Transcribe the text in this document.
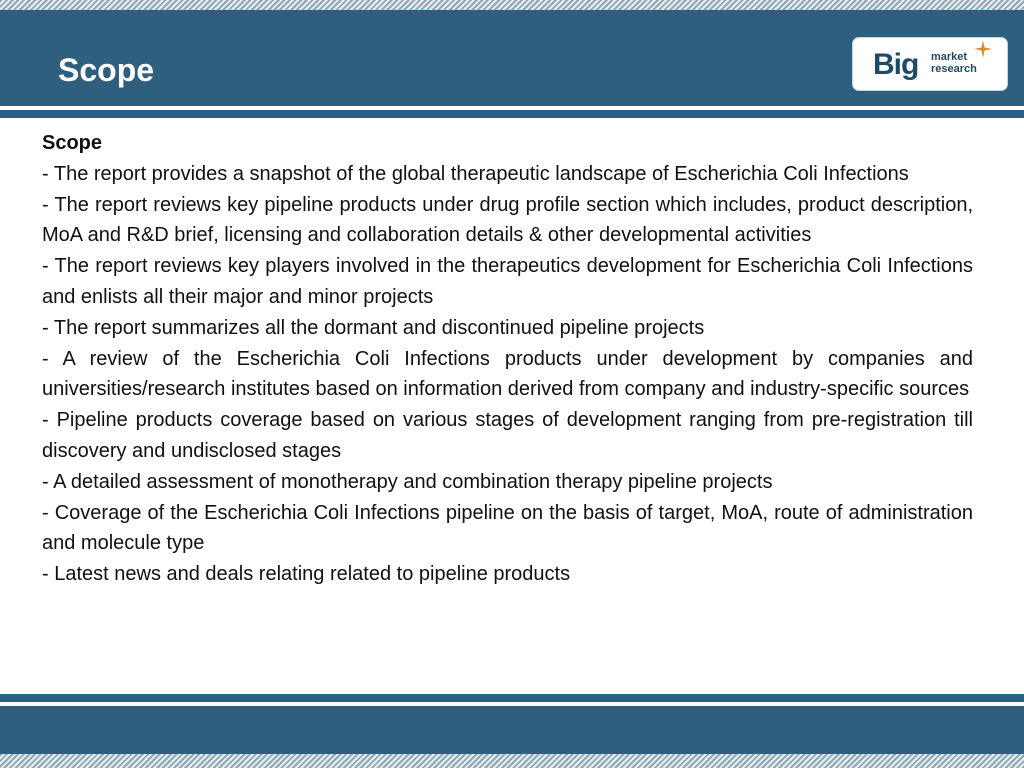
Scope	Big market
research

Scope

- The report provides a snapshot of the global therapeutic landscape of Escherichia Coli Infections

- The report reviews key pipeline products under drug profile section which includes, product description, MoA and R&D brief, licensing and collaboration details & other developmental activities

- The report reviews key players involved in the therapeutics development for Escherichia Coli Infections and enlists all their major and minor projects

- The report summarizes all the dormant and discontinued pipeline projects

- A review of the Escherichia Coli Infections products under development by companies and universities/research institutes based on information derived from company and industry-specific sources

- Pipeline products coverage based on various stages of development ranging from pre-registration till discovery and undisclosed stages

- A detailed assessment of monotherapy and combination therapy pipeline projects

- Coverage of the Escherichia Coli Infections pipeline on the basis of target, MoA, route of administration and molecule type

- Latest news and deals relating related to pipeline products
